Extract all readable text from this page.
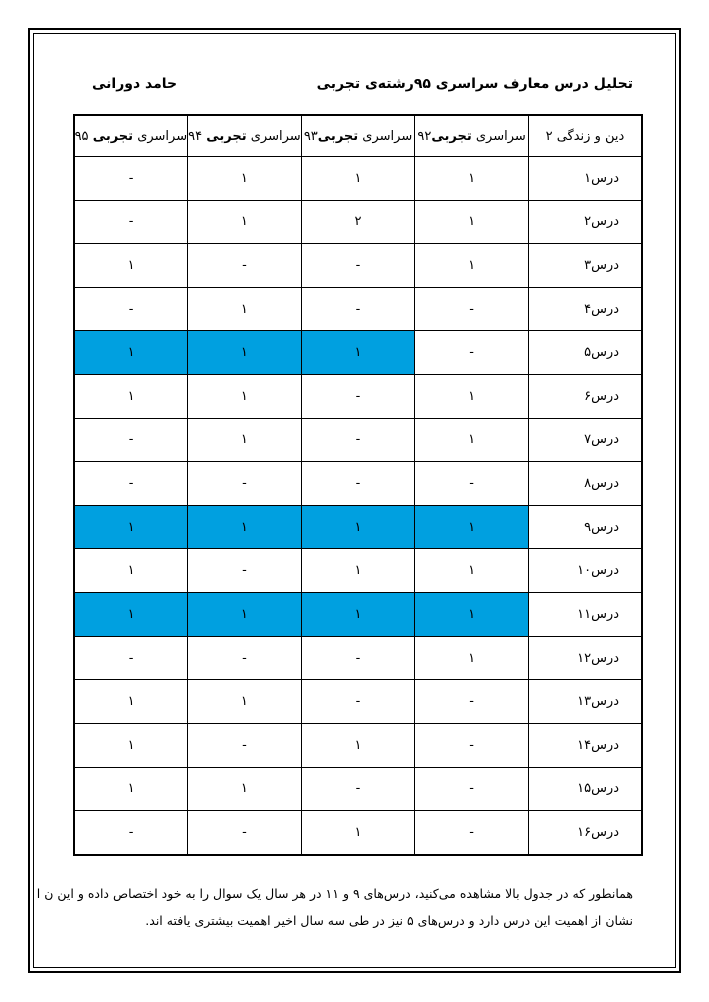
تحلیل درس معارف سراسری ۹۵رشته‌ی تجربی
حامد دورانی
دین و زندگی ۲	سراسری تجربی۹۲	سراسری تجربی۹۳	سراسری تجربی ۹۴	سراسری تجربی ۹۵
درس۱	۱	۱	۱	-
درس۲	۱	۲	۱	-
درس۳	۱	-	-	۱
درس۴	-	-	۱	-
درس۵	-	۱	۱	۱
درس۶	۱	-	۱	۱
درس۷	۱	-	۱	-
درس۸	-	-	-	-
درس۹	۱	۱	۱	۱
درس۱۰	۱	۱	-	۱
درس۱۱	۱	۱	۱	۱
درس۱۲	۱	-	-	-
درس۱۳	-	-	۱	۱
درس۱۴	-	۱	-	۱
درس۱۵	-	-	۱	۱
درس۱۶	-	۱	-	-
همانطور که در جدول بالا مشاهده می‌کنید، درس‌های ۹ و ۱۱ در هر سال یک سوال را به خود اختصاص داده و این ن ا
نشان از اهمیت این درس دارد و درس‌های ۵ نیز در طی سه سال اخیر اهمیت بیشتری یافته اند.
